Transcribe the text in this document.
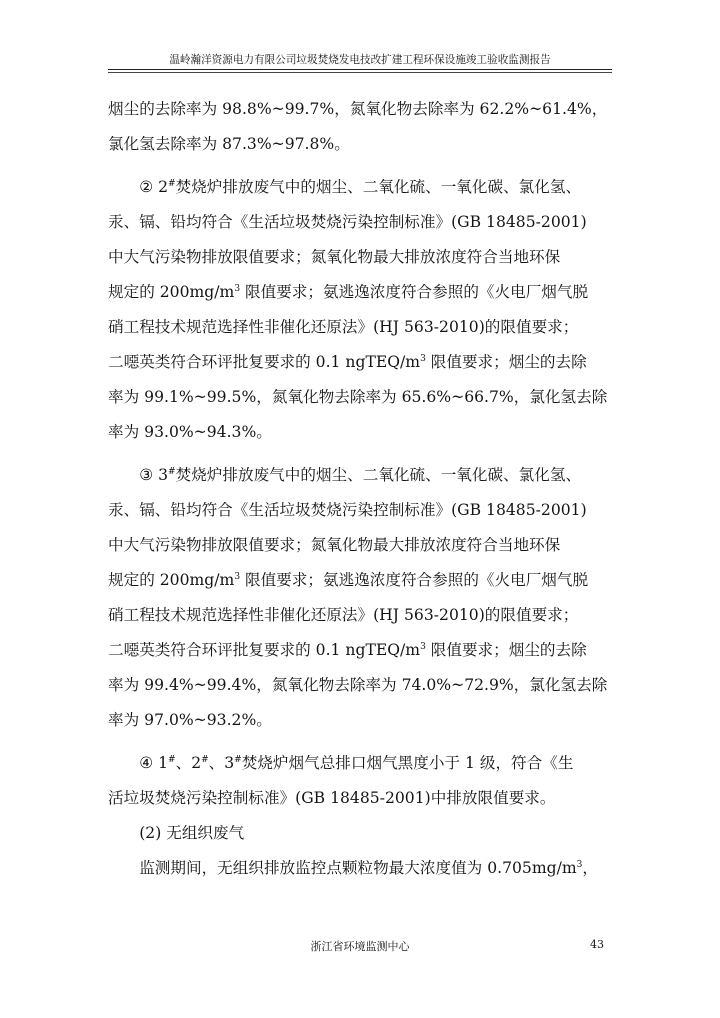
温岭瀚洋资源电力有限公司垃圾焚烧发电技改扩建工程环保设施竣工验收监测报告

烟尘的去除率为 98.8%~99.7%，氮氧化物去除率为 62.2%~61.4%，
氯化氢去除率为 87.3%~97.8%。

② 2#焚烧炉排放废气中的烟尘、二氧化硫、一氧化碳、氯化氢、
汞、镉、铅均符合《生活垃圾焚烧污染控制标准》(GB 18485-2001)
中大气污染物排放限值要求；氮氧化物最大排放浓度符合当地环保
规定的 $200mg/m^3$ 限值要求；氨逃逸浓度符合参照的《火电厂烟气脱
硝工程技术规范选择性非催化还原法》(HJ 563-2010)的限值要求；
二噁英类符合环评批复要求的 0.1 ngTEQ/$m^3$ 限值要求；烟尘的去除
率为 99.1%~99.5%，氮氧化物去除率为 65.6%~66.7%，氯化氢去除
率为 93.0%~94.3%。

③ 3#焚烧炉排放废气中的烟尘、二氧化硫、一氧化碳、氯化氢、
汞、镉、铅均符合《生活垃圾焚烧污染控制标准》(GB 18485-2001)
中大气污染物排放限值要求；氮氧化物最大排放浓度符合当地环保
规定的 $200mg/m^3$ 限值要求；氨逃逸浓度符合参照的《火电厂烟气脱
硝工程技术规范选择性非催化还原法》(HJ 563-2010)的限值要求；
二噁英类符合环评批复要求的 0.1 ngTEQ/$m^3$ 限值要求；烟尘的去除
率为 99.4%~99.4%，氮氧化物去除率为 74.0%~72.9%，氯化氢去除
率为 97.0%~93.2%。

④ 1#、2#、3#焚烧炉烟气总排口烟气黑度小于 1 级，符合《生
活垃圾焚烧污染控制标准》(GB 18485-2001)中排放限值要求。

(2) 无组织废气

监测期间，无组织排放监控点颗粒物最大浓度值为 $0.705mg/m^3$，

浙江省环境监测中心	43
